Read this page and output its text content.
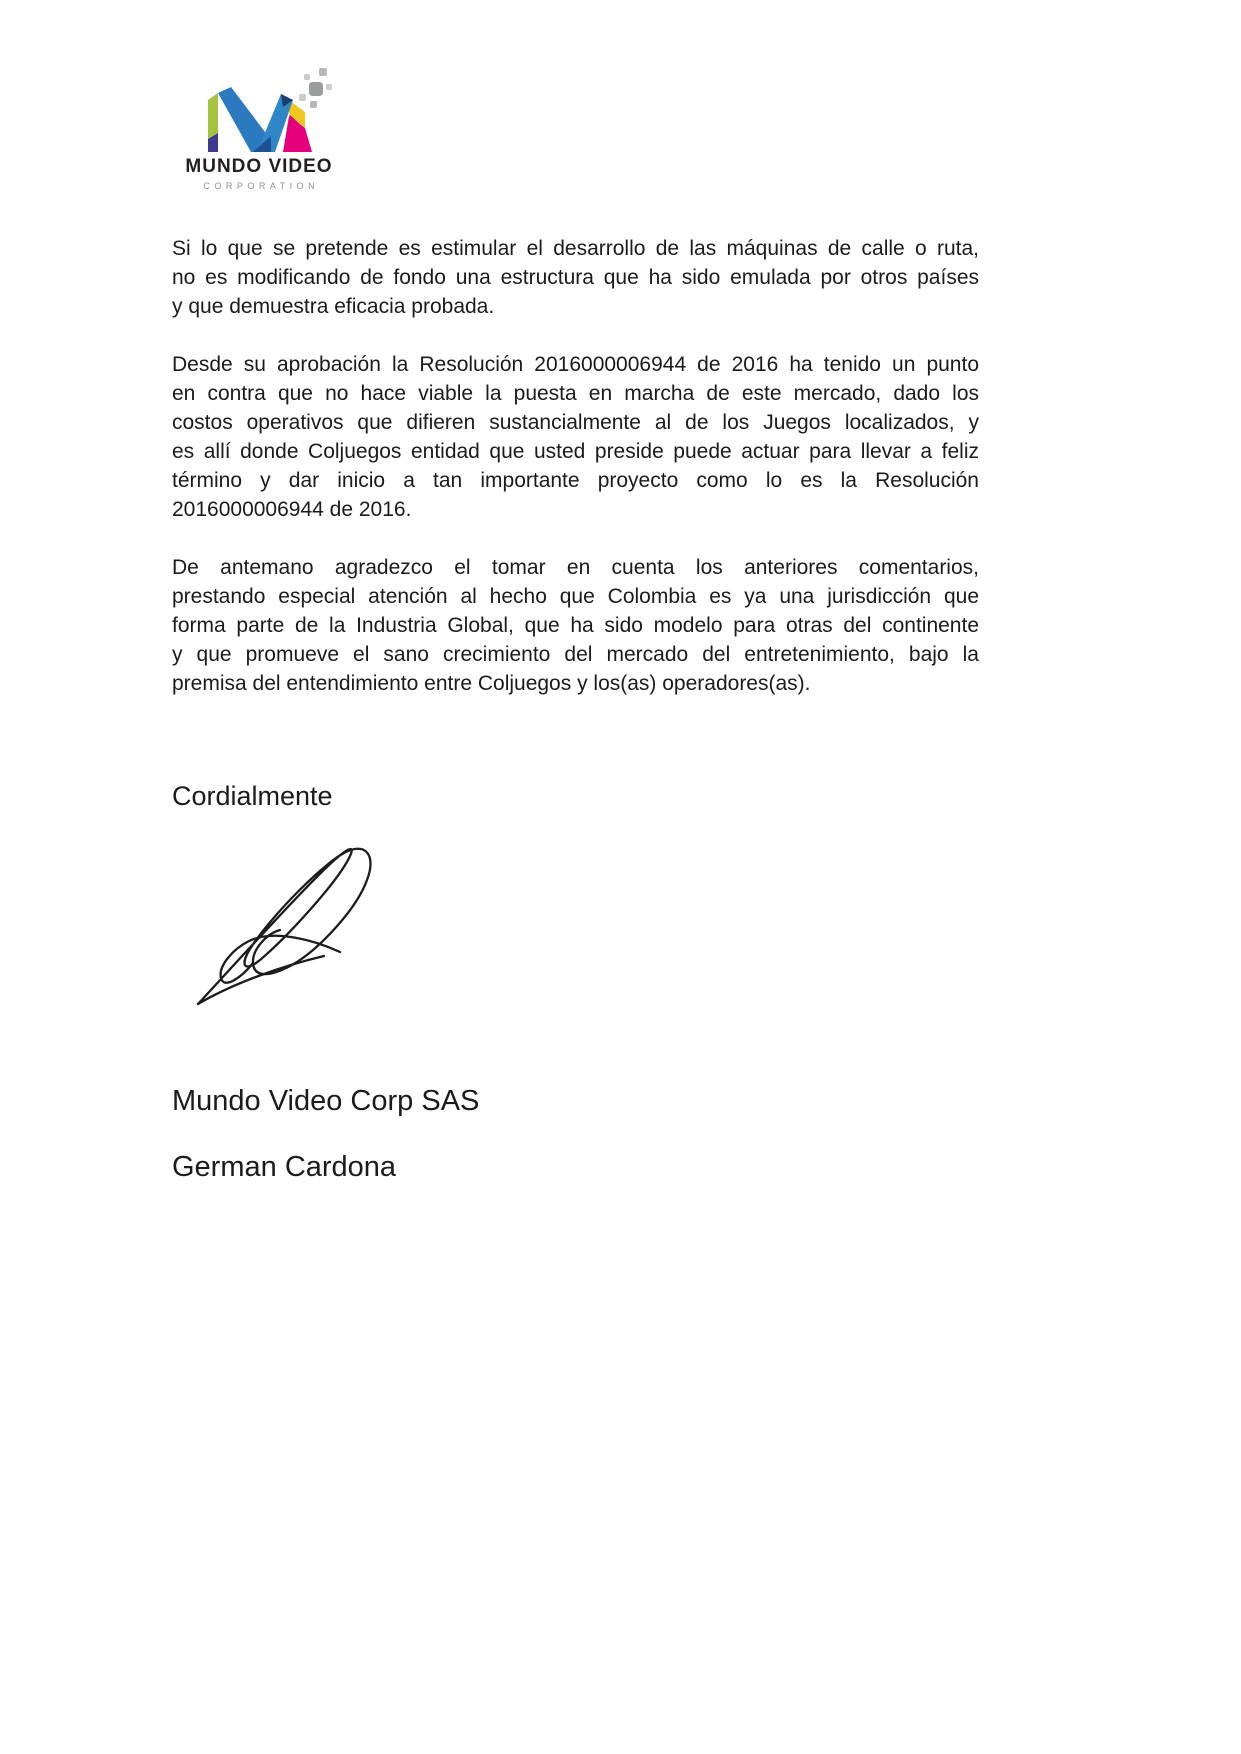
MUNDO VIDEO
CORPORATION
Si lo que se pretende es estimular el desarrollo de las máquinas de calle o ruta,
no es modificando de fondo una estructura que ha sido emulada por otros países
y que demuestra eficacia probada.
Desde su aprobación la Resolución 2016000006944 de 2016 ha tenido un punto
en contra que no hace viable la puesta en marcha de este mercado, dado los
costos operativos que difieren sustancialmente al de los Juegos localizados, y
es allí donde Coljuegos entidad que usted preside puede actuar para llevar a feliz
término y dar inicio a tan importante proyecto como lo es la Resolución
2016000006944 de 2016.
De antemano agradezco el tomar en cuenta los anteriores comentarios,
prestando especial atención al hecho que Colombia es ya una jurisdicción que
forma parte de la Industria Global, que ha sido modelo para otras del continente
y que promueve el sano crecimiento del mercado del entretenimiento, bajo la
premisa del entendimiento entre Coljuegos y los(as) operadores(as).
Cordialmente
Mundo Video Corp SAS
German Cardona
